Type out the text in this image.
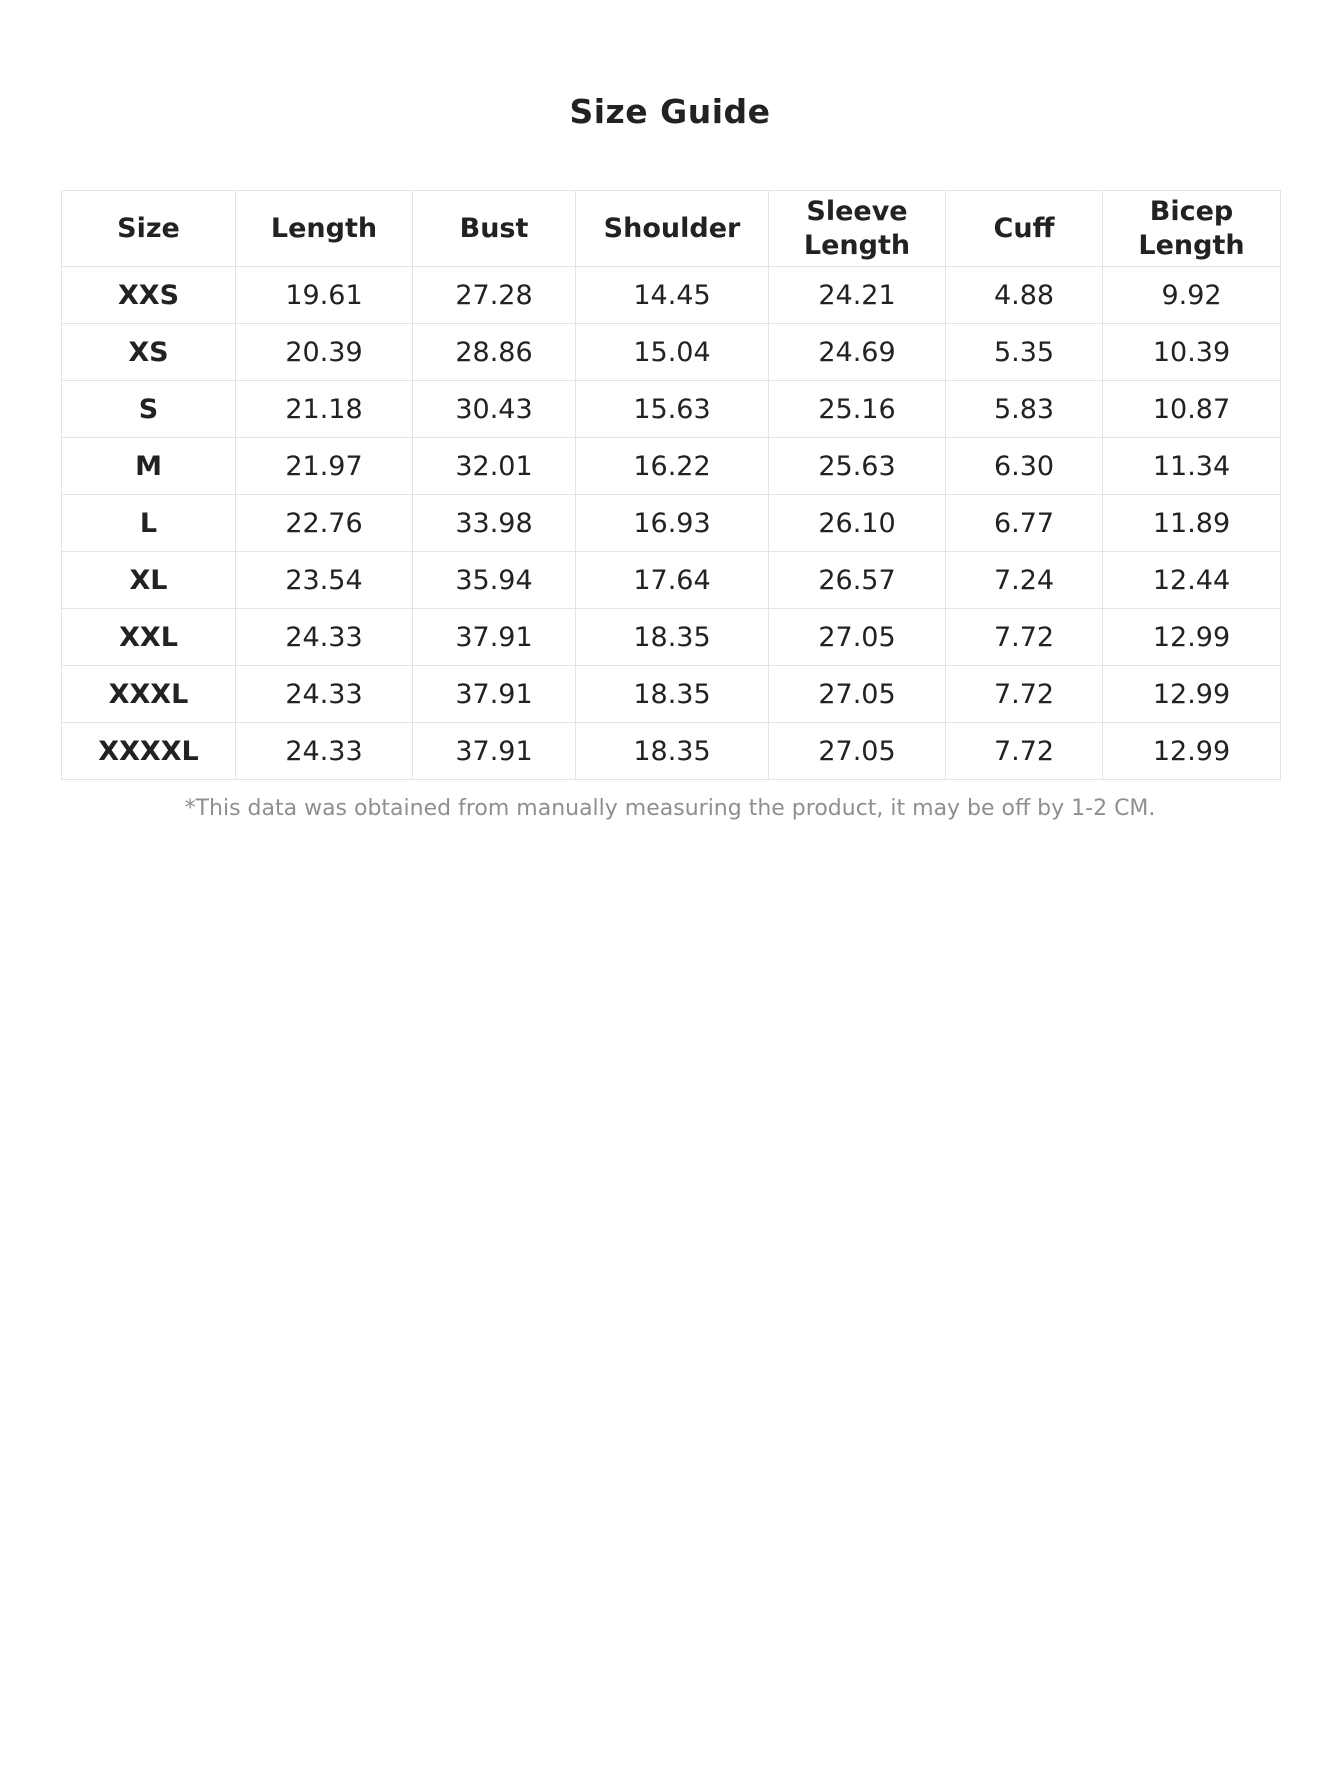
Size Guide
Size	Length	Bust	Shoulder	Sleeve Length	Cuff	Bicep Length
XXS	19.61	27.28	14.45	24.21	4.88	9.92
XS	20.39	28.86	15.04	24.69	5.35	10.39
S	21.18	30.43	15.63	25.16	5.83	10.87
M	21.97	32.01	16.22	25.63	6.30	11.34
L	22.76	33.98	16.93	26.10	6.77	11.89
XL	23.54	35.94	17.64	26.57	7.24	12.44
XXL	24.33	37.91	18.35	27.05	7.72	12.99
XXXL	24.33	37.91	18.35	27.05	7.72	12.99
XXXXL	24.33	37.91	18.35	27.05	7.72	12.99
*This data was obtained from manually measuring the product, it may be off by 1-2 CM.
